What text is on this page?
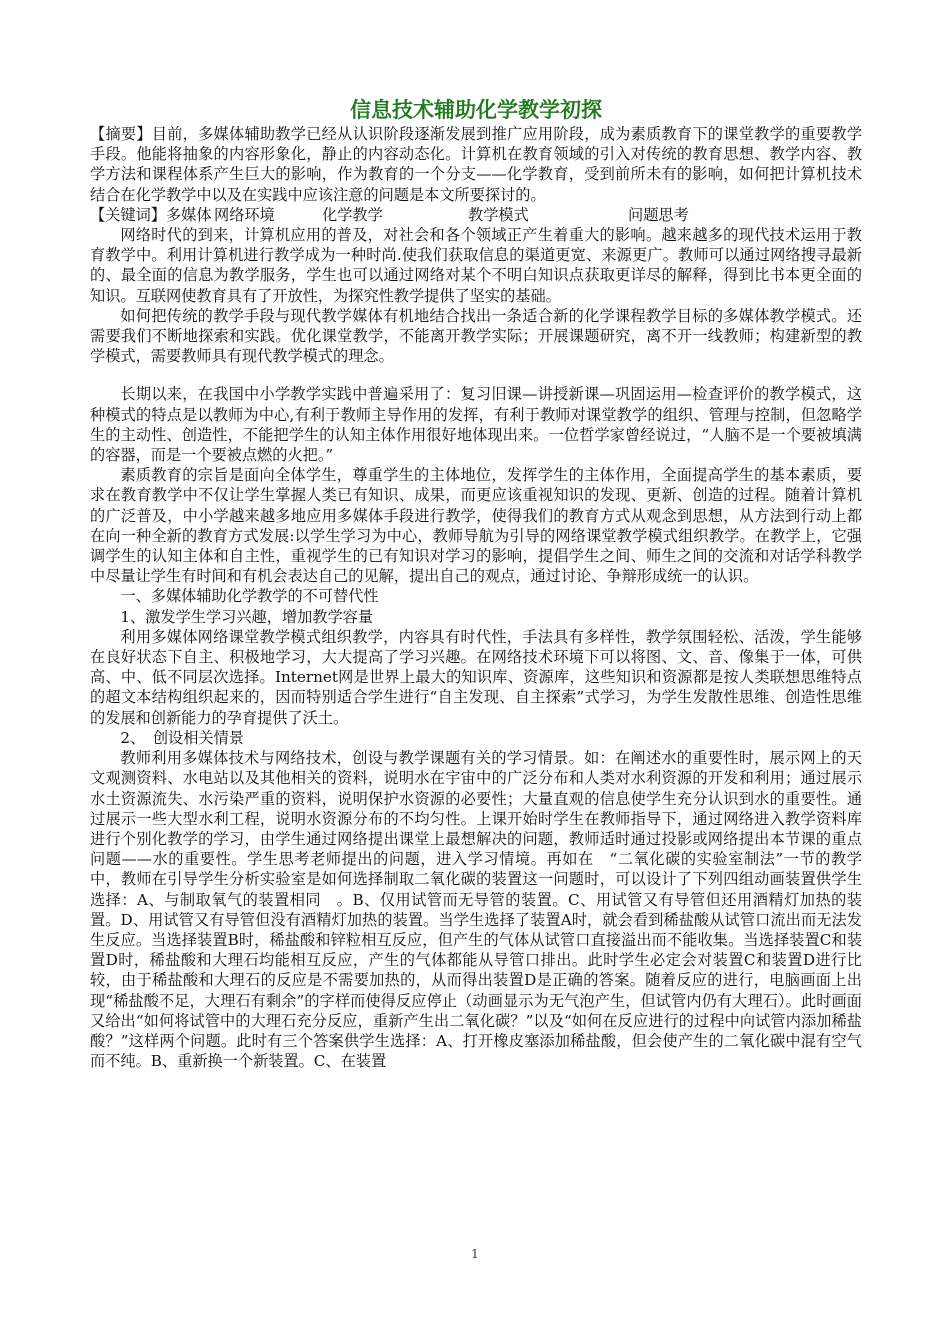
信息技术辅助化学教学初探

【摘要】目前，多媒体辅助教学已经从认识阶段逐渐发展到推广应用阶段，成为素质教育下的课堂教学的重要教学手段。他能将抽象的内容形象化，静止的内容动态化。计算机在教育领域的引入对传统的教育思想、教学内容、教学方法和课程体系产生巨大的影响，作为教育的一个分支——化学教育，受到前所未有的影响，如何把计算机技术结合在化学教学中以及在实践中应该注意的问题是本文所要探讨的。

【关键词】多媒体 网络环境	化学教学	教学模式	问题思考

网络时代的到来，计算机应用的普及，对社会和各个领域正产生着重大的影响。越来越多的现代技术运用于教育教学中。利用计算机进行教学成为一种时尚.使我们获取信息的渠道更宽、来源更广。教师可以通过网络搜寻最新的、最全面的信息为教学服务，学生也可以通过网络对某个不明白知识点获取更详尽的解释，得到比书本更全面的知识。互联网使教育具有了开放性，为探究性教学提供了坚实的基础。

如何把传统的教学手段与现代教学媒体有机地结合找出一条适合新的化学课程教学目标的多媒体教学模式。还需要我们不断地探索和实践。优化课堂教学，不能离开教学实际；开展课题研究，离不开一线教师；构建新型的教学模式，需要教师具有现代教学模式的理念。

长期以来，在我国中小学教学实践中普遍采用了：复习旧课—讲授新课—巩固运用—检查评价的教学模式，这种模式的特点是以教师为中心,有利于教师主导作用的发挥，有利于教师对课堂教学的组织、管理与控制，但忽略学生的主动性、创造性，不能把学生的认知主体作用很好地体现出来。一位哲学家曾经说过，“人脑不是一个要被填满的容器，而是一个要被点燃的火把。”

素质教育的宗旨是面向全体学生，尊重学生的主体地位，发挥学生的主体作用，全面提高学生的基本素质，要求在教育教学中不仅让学生掌握人类已有知识、成果，而更应该重视知识的发现、更新、创造的过程。随着计算机的广泛普及，中小学越来越多地应用多媒体手段进行教学，使得我们的教育方式从观念到思想，从方法到行动上都在向一种全新的教育方式发展:以学生学习为中心，教师导航为引导的网络课堂教学模式组织教学。在教学上，它强调学生的认知主体和自主性，重视学生的已有知识对学习的影响，提倡学生之间、师生之间的交流和对话学科教学中尽量让学生有时间和有机会表达自己的见解，提出自己的观点，通过讨论、争辩形成统一的认识。

一、多媒体辅助化学教学的不可替代性

1、激发学生学习兴趣，增加教学容量

利用多媒体网络课堂教学模式组织教学，内容具有时代性，手法具有多样性，教学氛围轻松、活泼，学生能够在良好状态下自主、积极地学习，大大提高了学习兴趣。在网络技术环境下可以将图、文、音、像集于一体，可供高、中、低不同层次选择。Internet网是世界上最大的知识库、资源库，这些知识和资源都是按人类联想思维特点的超文本结构组织起来的，因而特别适合学生进行“自主发现、自主探索”式学习，为学生发散性思维、创造性思维的发展和创新能力的孕育提供了沃土。

2、　创设相关情景

教师利用多媒体技术与网络技术，创设与教学课题有关的学习情景。如：在阐述水的重要性时，展示网上的天文观测资料、水电站以及其他相关的资料，说明水在宇宙中的广泛分布和人类对水利资源的开发和利用；通过展示水土资源流失、水污染严重的资料，说明保护水资源的必要性；大量直观的信息使学生充分认识到水的重要性。通过展示一些大型水利工程，说明水资源分布的不均匀性。上课开始时学生在教师指导下，通过网络进入教学资料库进行个别化教学的学习，由学生通过网络提出课堂上最想解决的问题，教师适时通过投影或网络提出本节课的重点问题——水的重要性。学生思考老师提出的问题，进入学习情境。再如在　“二氧化碳的实验室制法”一节的教学中，教师在引导学生分析实验室是如何选择制取二氧化碳的装置这一问题时，可以设计了下列四组动画装置供学生选择：A、与制取氧气的装置相同　。B、仅用试管而无导管的装置。C、用试管又有导管但还用酒精灯加热的装置。D、用试管又有导管但没有酒精灯加热的装置。当学生选择了装置A时，就会看到稀盐酸从试管口流出而无法发生反应。当选择装置B时，稀盐酸和锌粒相互反应，但产生的气体从试管口直接溢出而不能收集。当选择装置C和装置D时，稀盐酸和大理石均能相互反应，产生的气体都能从导管口排出。此时学生必定会对装置C和装置D进行比较，由于稀盐酸和大理石的反应是不需要加热的，从而得出装置D是正确的答案。随着反应的进行，电脑画面上出现“稀盐酸不足，大理石有剩余”的字样而使得反应停止（动画显示为无气泡产生，但试管内仍有大理石）。此时画面又给出“如何将试管中的大理石充分反应，重新产生出二氧化碳？”以及“如何在反应进行的过程中向试管内添加稀盐酸？”这样两个问题。此时有三个答案供学生选择：A、打开橡皮塞添加稀盐酸，但会使产生的二氧化碳中混有空气而不纯。B、重新换一个新装置。C、在装置

1
